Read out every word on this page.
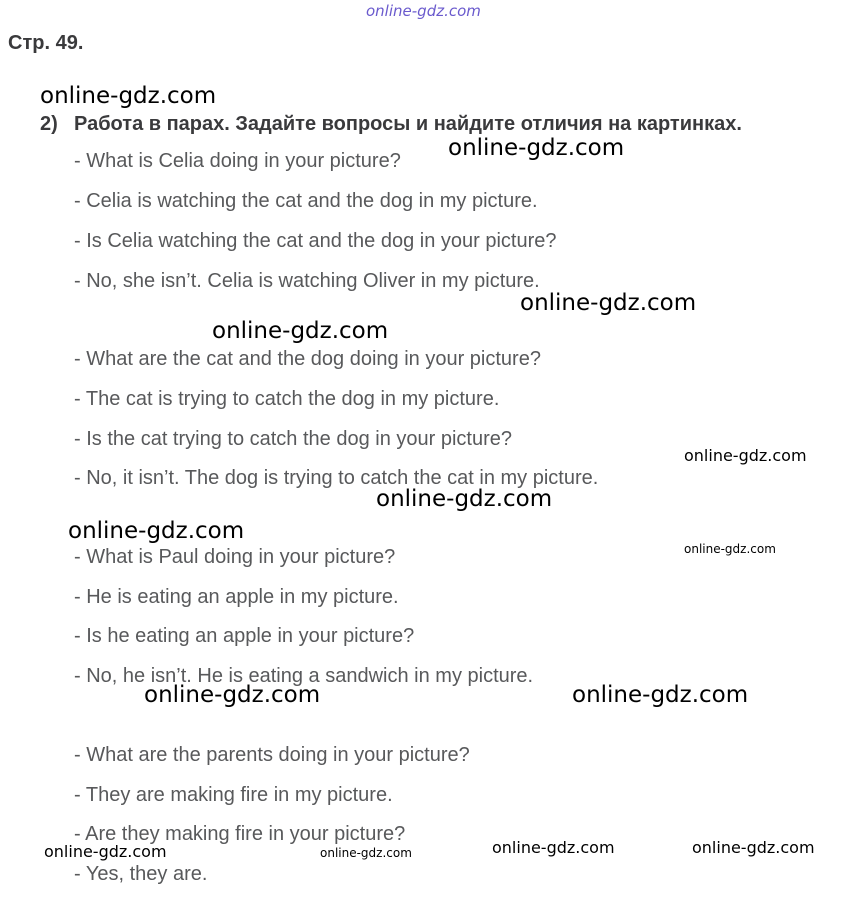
Стр. 49.
2) Работа в парах. Задайте вопросы и найдите отличия на картинках.
- What is Celia doing in your picture?
- Celia is watching the cat and the dog in my picture.
- Is Celia watching the cat and the dog in your picture?
- No, she isn’t. Celia is watching Oliver in my picture.
- What are the cat and the dog doing in your picture?
- The cat is trying to catch the dog in my picture.
- Is the cat trying to catch the dog in your picture?
- No, it isn’t. The dog is trying to catch the cat in my picture.
- What is Paul doing in your picture?
- He is eating an apple in my picture.
- Is he eating an apple in your picture?
- No, he isn’t. He is eating a sandwich in my picture.
- What are the parents doing in your picture?
- They are making fire in my picture.
- Are they making fire in your picture?
- Yes, they are.
online-gdz.com
online-gdz.com
online-gdz.com
online-gdz.com
online-gdz.com
online-gdz.com
online-gdz.com
online-gdz.com
online-gdz.com
online-gdz.com	online-gdz.com
online-gdz.com	online-gdz.com	online-gdz.com	online-gdz.com
